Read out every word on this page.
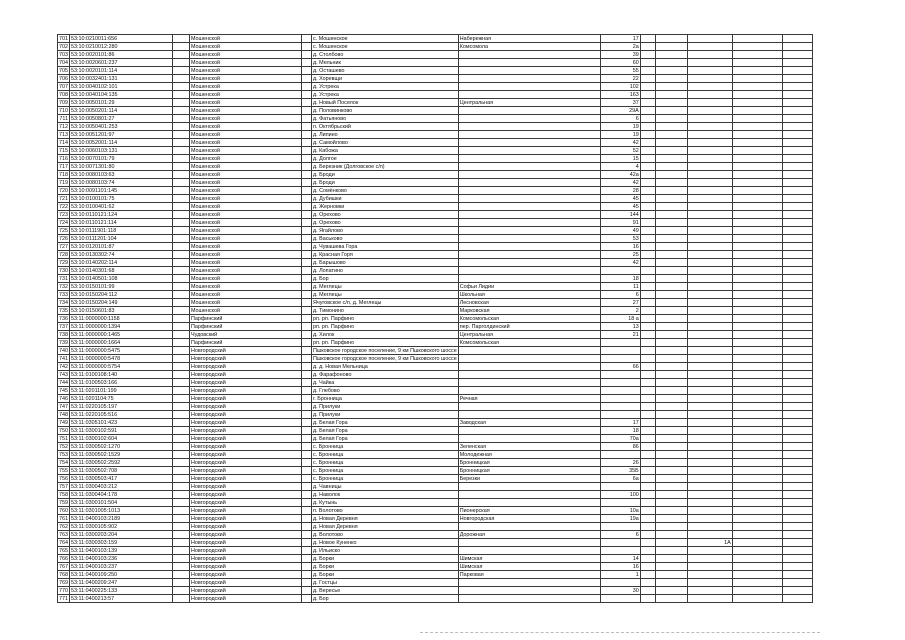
701	53:10:0210011:656		Мошенской		с. Мошенское	Набережная	17					
702	53:10:0210012:280		Мошенской		с. Мошенское	Комсомола	2а					
703	53:10:0020101:86		Мошенской		д. Столбово		39					
704	53:10:0020601:237		Мошенской		д. Мельник		60					
705	53:10:0020101:114		Мошенской		д. Осташево		55					
706	53:10:0032401:131		Мошенской		д. Хоревщи		22					
707	53:10:0040102:101		Мошенской		д. Устрека		102					
708	53:10:0040104:135		Мошенской		д. Устрека		163					
709	53:10:0050101:29		Мошенской		д. Новый Поселок	Центральная	37					
710	53:10:0050201:114		Мошенской		д. Половинково		29А					
711	53:10:0050801:27		Мошенской		д. Фатьяново		6					
712	53:10:0050401:253		Мошенской		п. Октябрьский		19					
713	53:10:0051201:97		Мошенской		д. Липино		19					
714	53:10:0052001:114		Мошенской		д. Самойлово		42					
715	53:10:0060103:131		Мошенской		д. Кабожа		52					
716	53:10:0070101:79		Мошенской		д. Долгое		15					
717	53:10:0071301:80		Мошенской		д. Березник (Долговское с/п)		4					
718	53:10:0080103:63		Мошенской		д. Броди		42а					
719	53:10:0080103:74		Мошенской		д. Броди		42					
720	53:10:0091101:145		Мошенской		д. Сомёнково		28					
721	53:10:0100101:75		Мошенской		д. Дубишки		45					
722	53:10:0100401:62		Мошенской		д. Жерновки		45					
723	53:10:0110121:124		Мошенской		д. Орехово		144					
724	53:10:0110121:114		Мошенской		д. Орехово		91					
725	53:10:0111901:118		Мошенской		д. Ягайлово		49					
726	53:10:0111201:104		Мошенской		д. Васьково		53					
727	53:10:0120101:87		Мошенской		д. Чувашева Гора		16					
728	53:10:0130302:74		Мошенской		д. Красная Горя		25					
729	53:10:0140202:114		Мошенской		д. Барышово		42					
730	53:10:0140301:68		Мошенской		д. Лопатино							
731	53:10:0140501:108		Мошенской		д. Бор		18					
732	53:10:0150101:99		Мошенской		д. Меглецы	Софьи Лидии	11					
733	53:10:0150204:112		Мошенской		д. Меглецы	Школьная	6					
734	53:10:0150204:149		Мошенской		Ячуговское с/п, д. Меглецы	Лесновская	27					
735	53:10:0150601:83		Мошенской		д. Тимонино	Марковская	2					
736	53:11:0000000:1158		Парфинский		рп. рп. Парфино	Комсомольская	18 а					
737	53:11:0000000:1394		Парфинский		рп. рп. Парфино	пер. Парголдинский	13					
738	53:11:0000000:1465		Чудовский		д. Хилок	Центральная	21					
739	53:11:0000000:1664		Парфинский		рп. рп. Парфино	Комсомольская						
740	53:11:0000000:5475		Новгородский		Пшковское городское поселение, 9 км Пшковского шоссе							
741	53:11:0000000:5478		Новгородский		Пшковское городское поселение, 9 км Пшковского шоссе							
742	53:11:0000000:5754		Новгородский		д. д. Новая Мельница		66					
743	53:11:0100108:140		Новгородский		д. Фарафоново							
744	53:11:0100503:166		Новгородский		д. Чайка							
745	53:11:0201101:199		Новгородский		д. Глебово							
746	53:11:0201104:75		Новгородский		г. Бронница	Речная						
747	53:11:0220105:197		Новгородский		д. Прилуки							
748	53:11:0220105:516		Новгородский		д. Прилуки							
749	53:11:0305101:423		Новгородский		д. Белая Гора	Заводская	17					
750	53:11:0300102:591		Новгородский		д. Белая Гора		18					
751	53:11:0300102:604		Новгородский		д. Белая Гора		70а					
752	53:11:0300502:1270		Новгородский		с. Бронница	Зеленская	86					
753	53:11:0300502:1529		Новгородский		с. Бронница	Молодежная						
754	53:11:0300502:2592		Новгородский		с. Бронница	Бронницкая	26					
755	53:11:0300502:708		Новгородский		с. Бронница	Бронницкая	35Б					
756	53:11:0300503:417		Новгородский		с. Бронница	Березки	6а					
757	53:11:0300403:212		Новгородский		д. Чавницы							
758	53:11:0300404:178		Новгородский		д. Наволок		100					
759	53:11:0300101:504		Новгородский		д. Кутынь							
760	53:11:0301005:1013		Новгородский		п. Волотово	Пионерская	10а					
761	53:11:0400103:2189		Новгородский		д. Новая Деревня	Новгородская	19а					
762	53:11:0300105:902		Новгородский		д. Новая Деревня							
763	53:11:0300203:204		Новгородский		д. Волотово	Дорожная	6					
764	53:11:0300303:159		Новгородский		д. Новое Куненко					1А		
765	53:11:0400103:139		Новгородский		д. Ильиско							
766	53:11:0400103:236		Новгородский		д. Борки	Шимская	14					
767	53:11:0400103:237		Новгородский		д. Борки	Шимская	16					
768	53:11:0400109:250		Новгородский		д. Борки	Парковая	1					
769	53:11:0400209:247		Новгородский		д. Гостцы							
770	53:11:0400225:133		Новгородский		д. Вересье		30					
771	53:11:0400213:57		Новгородский		д. Бор							
